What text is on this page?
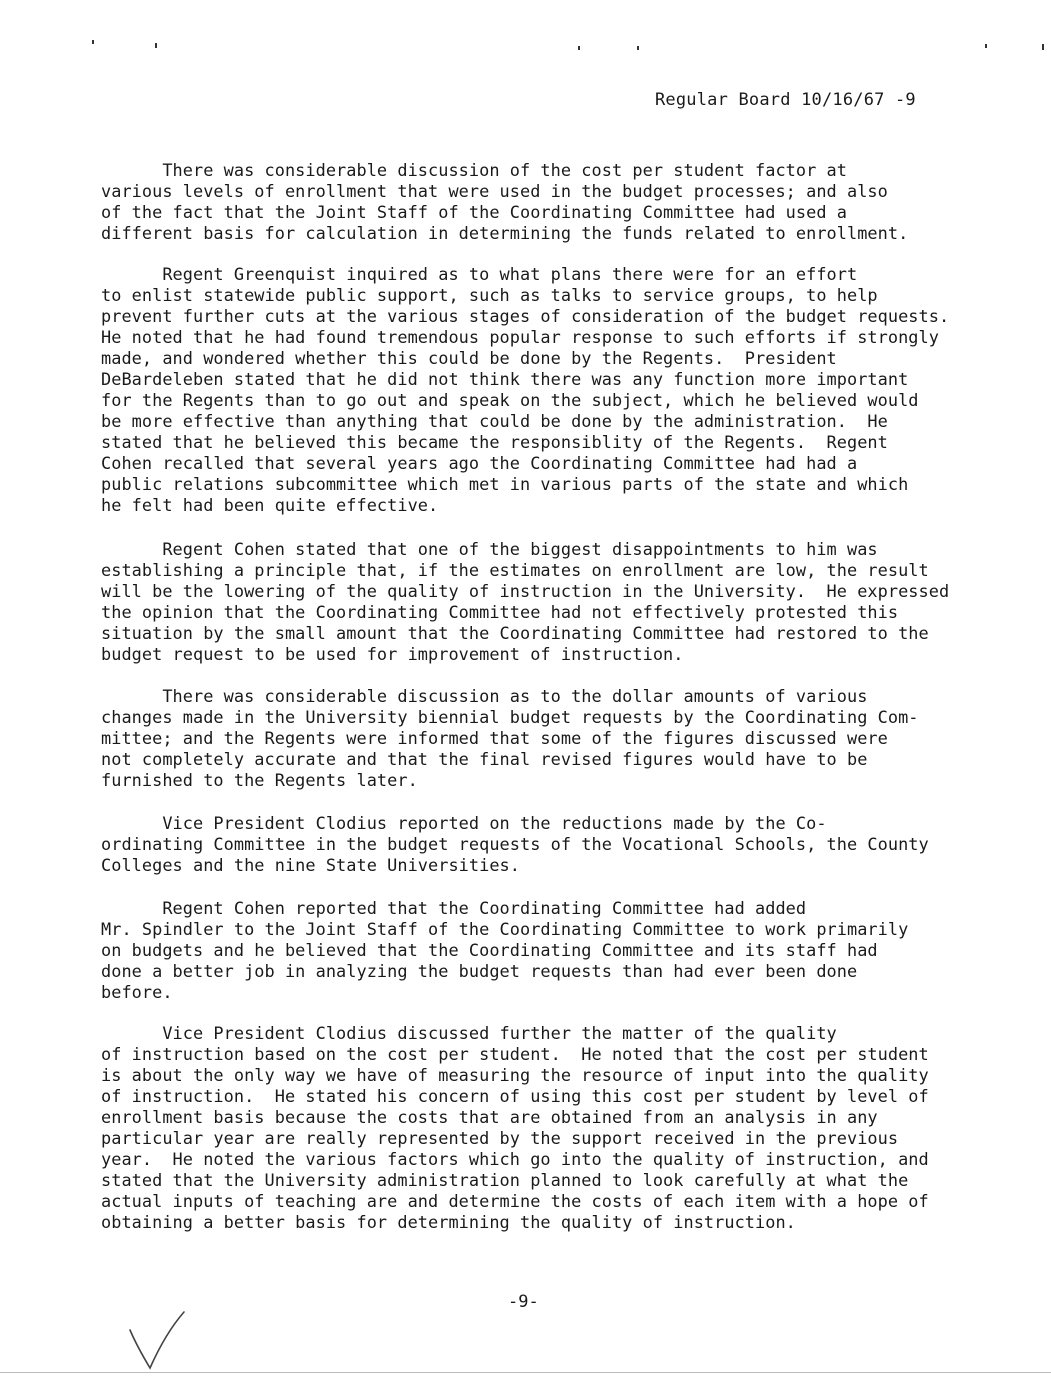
Regular Board 10/16/67 -9
There was considerable discussion of the cost per student factor at
various levels of enrollment that were used in the budget processes; and also
of the fact that the Joint Staff of the Coordinating Committee had used a
different basis for calculation in determining the funds related to enrollment.
Regent Greenquist inquired as to what plans there were for an effort
to enlist statewide public support, such as talks to service groups, to help
prevent further cuts at the various stages of consideration of the budget requests.
He noted that he had found tremendous popular response to such efforts if strongly
made, and wondered whether this could be done by the Regents.  President
DeBardeleben stated that he did not think there was any function more important
for the Regents than to go out and speak on the subject, which he believed would
be more effective than anything that could be done by the administration.  He
stated that he believed this became the responsiblity of the Regents.  Regent
Cohen recalled that several years ago the Coordinating Committee had had a
public relations subcommittee which met in various parts of the state and which
he felt had been quite effective.
Regent Cohen stated that one of the biggest disappointments to him was
establishing a principle that, if the estimates on enrollment are low, the result
will be the lowering of the quality of instruction in the University.  He expressed
the opinion that the Coordinating Committee had not effectively protested this
situation by the small amount that the Coordinating Committee had restored to the
budget request to be used for improvement of instruction.
There was considerable discussion as to the dollar amounts of various
changes made in the University biennial budget requests by the Coordinating Com-
mittee; and the Regents were informed that some of the figures discussed were
not completely accurate and that the final revised figures would have to be
furnished to the Regents later.
Vice President Clodius reported on the reductions made by the Co-
ordinating Committee in the budget requests of the Vocational Schools, the County
Colleges and the nine State Universities.
Regent Cohen reported that the Coordinating Committee had added
Mr. Spindler to the Joint Staff of the Coordinating Committee to work primarily
on budgets and he believed that the Coordinating Committee and its staff had
done a better job in analyzing the budget requests than had ever been done
before.
Vice President Clodius discussed further the matter of the quality
of instruction based on the cost per student.  He noted that the cost per student
is about the only way we have of measuring the resource of input into the quality
of instruction.  He stated his concern of using this cost per student by level of
enrollment basis because the costs that are obtained from an analysis in any
particular year are really represented by the support received in the previous
year.  He noted the various factors which go into the quality of instruction, and
stated that the University administration planned to look carefully at what the
actual inputs of teaching are and determine the costs of each item with a hope of
obtaining a better basis for determining the quality of instruction.
-9-
